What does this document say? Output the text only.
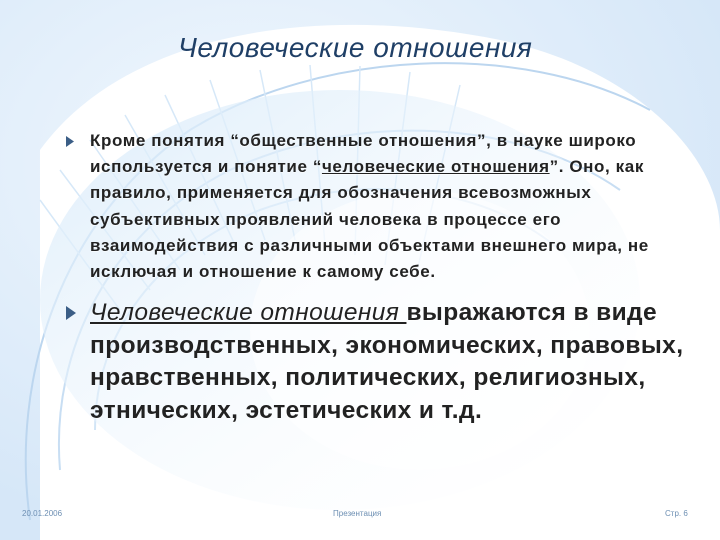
Человеческие отношения
Кроме понятия “общественные отношения”, в науке широко используется и понятие “человеческие отношения”. Оно, как правило, применяется для обозначения всевозможных субъективных проявлений человека в процессе его взаимодействия с различными объектами внешнего мира, не исключая и отношение к самому себе.
Человеческие отношения выражаются в виде производственных, экономических, правовых, нравственных, политических, религиозных, этнических, эстетических и т.д.
20.01.2006	Презентация	Стр. 6
